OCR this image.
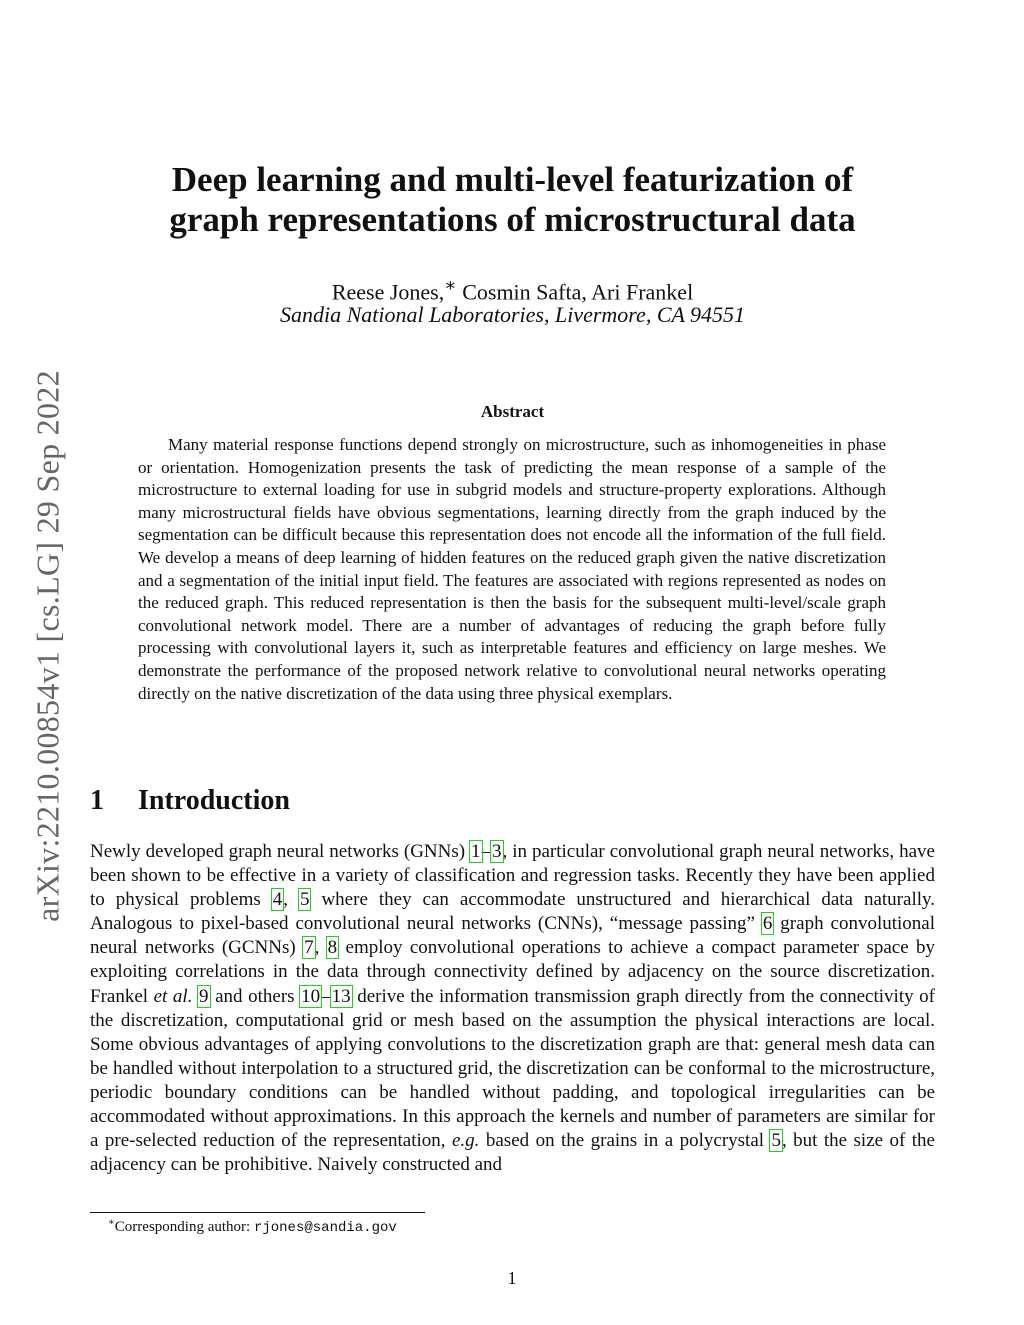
Deep learning and multi-level featurization of
graph representations of microstructural data
Reese Jones,∗ Cosmin Safta, Ari Frankel
Sandia National Laboratories, Livermore, CA 94551
arXiv:2210.00854v1 [cs.LG] 29 Sep 2022	Abstract

Many material response functions depend strongly on microstructure, such as inhomogeneities in phase or orientation. Homogenization presents the task of predicting the mean response of a sample of the microstructure to external loading for use in subgrid models and structure-property explorations. Although many microstructural fields have obvious segmentations, learning directly from the graph induced by the segmentation can be difficult because this representation does not encode all the information of the full field. We develop a means of deep learning of hidden features on the reduced graph given the native discretization and a segmentation of the initial input field. The features are associated with regions represented as nodes on the reduced graph. This reduced representation is then the basis for the subsequent multi-level/scale graph convolutional network model. There are a number of advantages of reducing the graph before fully processing with convolutional layers it, such as interpretable features and efficiency on large meshes. We demonstrate the performance of the proposed network relative to convolutional neural networks operating directly on the native discretization of the data using three physical exemplars.

1 Introduction

Newly developed graph neural networks (GNNs) 1–3, in particular convolutional graph neural networks, have been shown to be effective in a variety of classification and regression tasks. Recently they have been applied to physical problems 4, 5 where they can accommodate unstructured and hierarchical data naturally. Analogous to pixel-based convolutional neural networks (CNNs), “message passing” 6 graph convolutional neural networks (GCNNs) 7, 8 employ convolutional operations to achieve a compact parameter space by exploiting correlations in the data through connectivity defined by adjacency on the source discretization. Frankel et al. 9 and others 10–13 derive the information transmission graph directly from the connectivity of the discretization, computational grid or mesh based on the assumption the physical interactions are local. Some obvious advantages of applying convolutions to the discretization graph are that: general mesh data can be handled without interpolation to a structured grid, the discretization can be conformal to the microstructure, periodic boundary conditions can be handled without padding, and topological irregularities can be accommodated without approximations. In this approach the kernels and number of parameters are similar for a pre-selected reduction of the representation, e.g. based on the grains in a polycrystal 5, but the size of the adjacency can be prohibitive. Naively constructed and

∗Corresponding author: rjones@sandia.gov
1
